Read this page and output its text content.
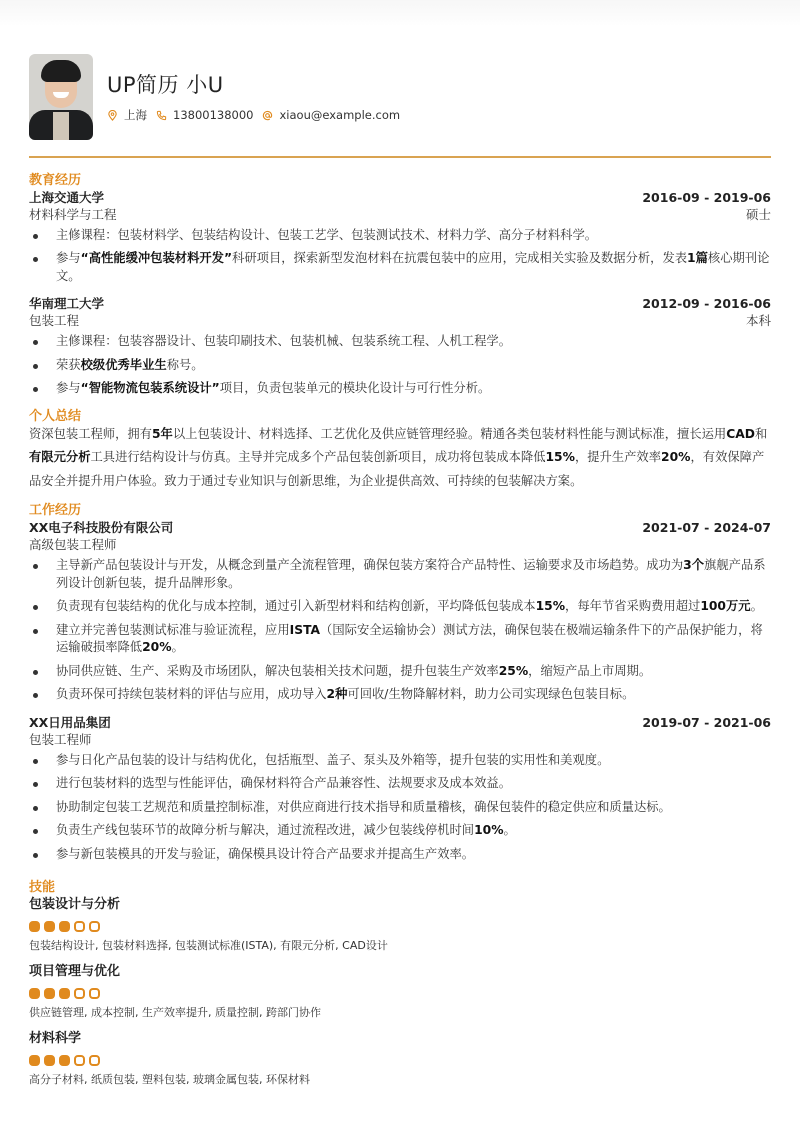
UP简历 小U
上海 13800138000 xiaou@example.com
教育经历
上海交通大学	2016-09 - 2019-06
材料科学与工程	硕士
主修课程：包装材料学、包装结构设计、包装工艺学、包装测试技术、材料力学、高分子材料科学。
参与“高性能缓冲包装材料开发”科研项目，探索新型发泡材料在抗震包装中的应用，完成相关实验及数据分析，发表1篇核心期刊论文。
华南理工大学	2012-09 - 2016-06
包装工程	本科
主修课程：包装容器设计、包装印刷技术、包装机械、包装系统工程、人机工程学。
荣获校级优秀毕业生称号。
参与“智能物流包装系统设计”项目，负责包装单元的模块化设计与可行性分析。
个人总结
资深包装工程师，拥有5年以上包装设计、材料选择、工艺优化及供应链管理经验。精通各类包装材料性能与测试标准，擅长运用CAD和有限元分析工具进行结构设计与仿真。主导并完成多个产品包装创新项目，成功将包装成本降低15%，提升生产效率20%，有效保障产品安全并提升用户体验。致力于通过专业知识与创新思维，为企业提供高效、可持续的包装解决方案。
工作经历
XX电子科技股份有限公司	2021-07 - 2024-07
高级包装工程师
主导新产品包装设计与开发，从概念到量产全流程管理，确保包装方案符合产品特性、运输要求及市场趋势。成功为3个旗舰产品系列设计创新包装，提升品牌形象。
负责现有包装结构的优化与成本控制，通过引入新型材料和结构创新，平均降低包装成本15%，每年节省采购费用超过100万元。
建立并完善包装测试标准与验证流程，应用ISTA（国际安全运输协会）测试方法，确保包装在极端运输条件下的产品保护能力，将运输破损率降低20%。
协同供应链、生产、采购及市场团队，解决包装相关技术问题，提升包装生产效率25%，缩短产品上市周期。
负责环保可持续包装材料的评估与应用，成功导入2种可回收/生物降解材料，助力公司实现绿色包装目标。
XX日用品集团	2019-07 - 2021-06
包装工程师
参与日化产品包装的设计与结构优化，包括瓶型、盖子、泵头及外箱等，提升包装的实用性和美观度。
进行包装材料的选型与性能评估，确保材料符合产品兼容性、法规要求及成本效益。
协助制定包装工艺规范和质量控制标准，对供应商进行技术指导和质量稽核，确保包装件的稳定供应和质量达标。
负责生产线包装环节的故障分析与解决，通过流程改进，减少包装线停机时间10%。
参与新包装模具的开发与验证，确保模具设计符合产品要求并提高生产效率。
技能
包装设计与分析
包装结构设计, 包装材料选择, 包装测试标准(ISTA), 有限元分析, CAD设计
项目管理与优化
供应链管理, 成本控制, 生产效率提升, 质量控制, 跨部门协作
材料科学
高分子材料, 纸质包装, 塑料包装, 玻璃金属包装, 环保材料
